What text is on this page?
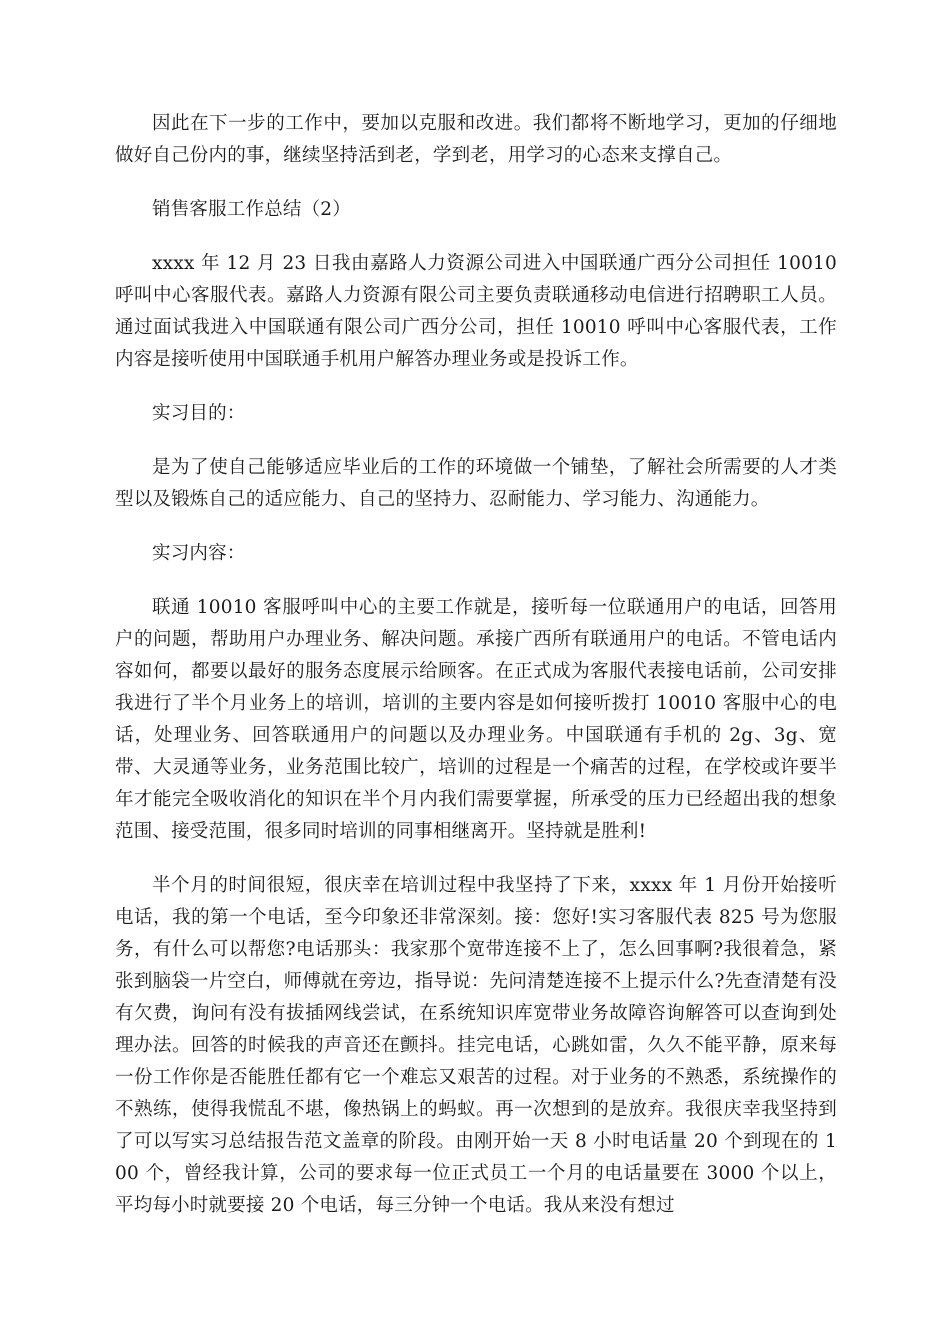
因此在下一步的工作中，要加以克服和改进。我们都将不断地学习，更加的仔细地做好自己份内的事，继续坚持活到老，学到老，用学习的心态来支撑自己。

销售客服工作总结（2）

xxxx 年 12 月 23 日我由嘉路人力资源公司进入中国联通广西分公司担任 10010 呼叫中心客服代表。嘉路人力资源有限公司主要负责联通移动电信进行招聘职工人员。通过面试我进入中国联通有限公司广西分公司，担任 10010 呼叫中心客服代表，工作内容是接听使用中国联通手机用户解答办理业务或是投诉工作。

实习目的：

是为了使自己能够适应毕业后的工作的环境做一个铺垫，了解社会所需要的人才类型以及锻炼自己的适应能力、自己的坚持力、忍耐能力、学习能力、沟通能力。

实习内容：

联通 10010 客服呼叫中心的主要工作就是，接听每一位联通用户的电话，回答用户的问题，帮助用户办理业务、解决问题。承接广西所有联通用户的电话。不管电话内容如何，都要以最好的服务态度展示给顾客。在正式成为客服代表接电话前，公司安排我进行了半个月业务上的培训，培训的主要内容是如何接听拨打 10010 客服中心的电话，处理业务、回答联通用户的问题以及办理业务。中国联通有手机的 2g、3g、宽带、大灵通等业务，业务范围比较广，培训的过程是一个痛苦的过程，在学校或许要半年才能完全吸收消化的知识在半个月内我们需要掌握，所承受的压力已经超出我的想象范围、接受范围，很多同时培训的同事相继离开。坚持就是胜利!

半个月的时间很短，很庆幸在培训过程中我坚持了下来，xxxx 年 1 月份开始接听电话，我的第一个电话，至今印象还非常深刻。接：您好!实习客服代表 825 号为您服务，有什么可以帮您?电话那头：我家那个宽带连接不上了，怎么回事啊?我很着急，紧张到脑袋一片空白，师傅就在旁边，指导说：先问清楚连接不上提示什么?先查清楚有没有欠费，询问有没有拔插网线尝试，在系统知识库宽带业务故障咨询解答可以查询到处理办法。回答的时候我的声音还在颤抖。挂完电话，心跳如雷，久久不能平静，原来每一份工作你是否能胜任都有它一个难忘又艰苦的过程。对于业务的不熟悉，系统操作的不熟练，使得我慌乱不堪，像热锅上的蚂蚁。再一次想到的是放弃。我很庆幸我坚持到了可以写实习总结报告范文盖章的阶段。由刚开始一天 8 小时电话量 20 个到现在的 100 个，曾经我计算，公司的要求每一位正式员工一个月的电话量要在 3000 个以上，平均每小时就要接 20 个电话，每三分钟一个电话。我从来没有想过
